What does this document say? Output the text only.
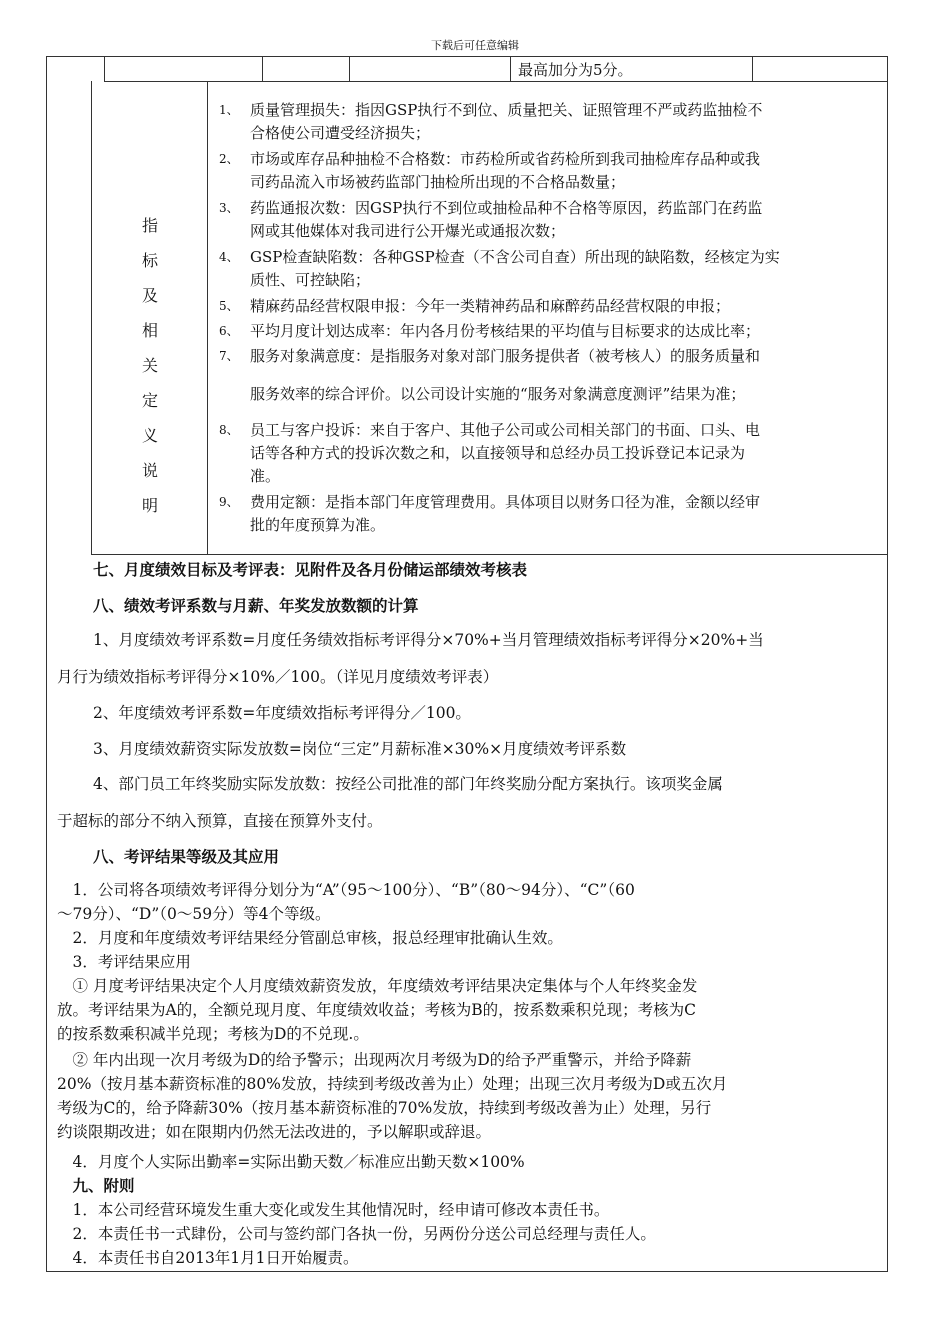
下载后可任意编辑
最高加分为5分。
指
标
及
相
关
定
义
说
明
1、 质量管理损失：指因GSP执行不到位、质量把关、证照管理不严或药监抽检不
合格使公司遭受经济损失；
2、 市场或库存品种抽检不合格数：市药检所或省药检所到我司抽检库存品种或我
司药品流入市场被药监部门抽检所出现的不合格品数量；
3、 药监通报次数：因GSP执行不到位或抽检品种不合格等原因，药监部门在药监
网或其他媒体对我司进行公开爆光或通报次数；
4、 GSP检查缺陷数：各种GSP检查（不含公司自查）所出现的缺陷数，经核定为实
质性、可控缺陷；
5、 精麻药品经营权限申报：今年一类精神药品和麻醉药品经营权限的申报；
6、 平均月度计划达成率：年内各月份考核结果的平均值与目标要求的达成比率；
7、 服务对象满意度：是指服务对象对部门服务提供者（被考核人）的服务质量和
服务效率的综合评价。以公司设计实施的“服务对象满意度测评”结果为准；
8、 员工与客户投诉：来自于客户、其他子公司或公司相关部门的书面、口头、电
话等各种方式的投诉次数之和，以直接领导和总经办员工投诉登记本记录为
准。
9、 费用定额：是指本部门年度管理费用。具体项目以财务口径为准，金额以经审
批的年度预算为准。
七、月度绩效目标及考评表：见附件及各月份储运部绩效考核表
八、绩效考评系数与月薪、年奖发放数额的计算
1、月度绩效考评系数=月度任务绩效指标考评得分×70%+当月管理绩效指标考评得分×20%+当
月行为绩效指标考评得分×10%／100。（详见月度绩效考评表）
2、年度绩效考评系数=年度绩效指标考评得分／100。
3、月度绩效薪资实际发放数=岗位“三定”月薪标准×30%×月度绩效考评系数
4、部门员工年终奖励实际发放数：按经公司批准的部门年终奖励分配方案执行。该项奖金属
于超标的部分不纳入预算，直接在预算外支付。
八、考评结果等级及其应用
　1．公司将各项绩效考评得分划分为“A”（95～100分）、“B”（80～94分）、“C”（60
～79分）、“D”（0～59分）等4个等级。
　2．月度和年度绩效考评结果经分管副总审核，报总经理审批确认生效。
　3．考评结果应用
　① 月度考评结果决定个人月度绩效薪资发放，年度绩效考评结果决定集体与个人年终奖金发
放。考评结果为A的，全额兑现月度、年度绩效收益；考核为B的，按系数乘积兑现；考核为C
的按系数乘积减半兑现；考核为D的不兑现.。
　② 年内出现一次月考级为D的给予警示；出现两次月考级为D的给予严重警示，并给予降薪
20%（按月基本薪资标准的80%发放，持续到考级改善为止）处理；出现三次月考级为D或五次月
考级为C的，给予降薪30%（按月基本薪资标准的70%发放，持续到考级改善为止）处理，另行
约谈限期改进；如在限期内仍然无法改进的，予以解职或辞退。
　4．月度个人实际出勤率=实际出勤天数／标准应出勤天数×100%
　九、附则
　1．本公司经营环境发生重大变化或发生其他情况时，经申请可修改本责任书。
　2．本责任书一式肆份，公司与签约部门各执一份，另两份分送公司总经理与责任人。
　4．本责任书自2013年1月1日开始履责。
